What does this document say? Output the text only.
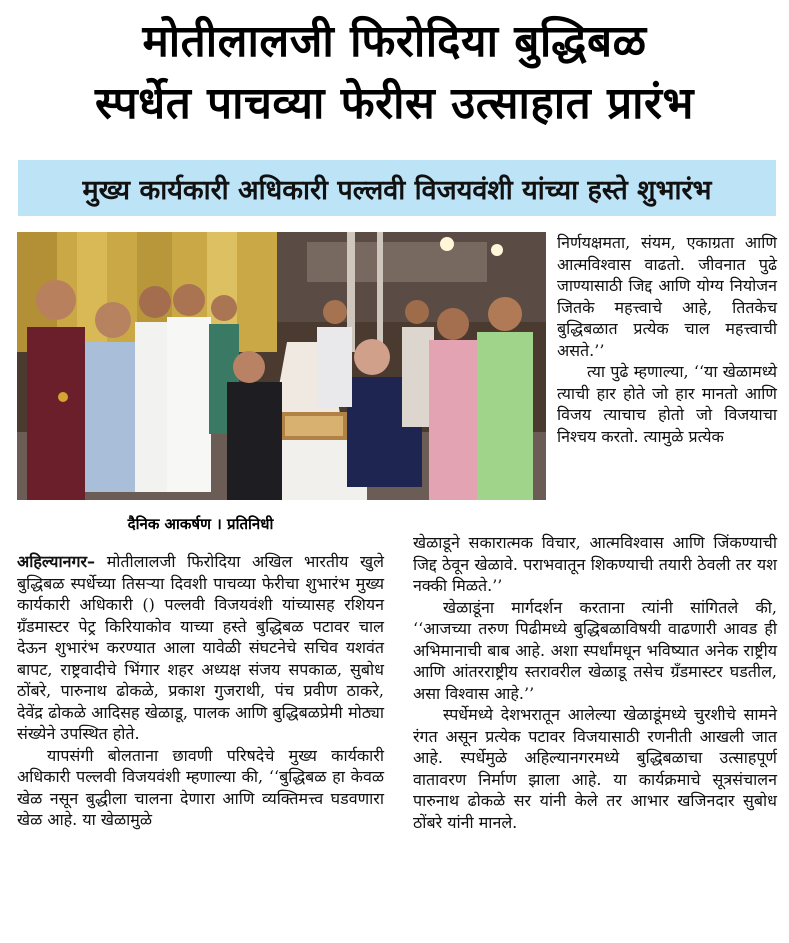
मोतीलालजी फिरोदिया बुद्धिबळ
स्पर्धेत पाचव्या फेरीस उत्साहात प्रारंभ
मुख्य कार्यकारी अधिकारी पल्लवी विजयवंशी यांच्या हस्ते शुभारंभ

निर्णयक्षमता, संयम, एकाग्रता आणि आत्मविश्वास वाढतो. जीवनात पुढे जाण्यासाठी जिद्द आणि योग्य नियोजन जितके महत्त्वाचे आहे, तितकेच बुद्धिबळात प्रत्येक चाल महत्त्वाची असते.’’

त्या पुढे म्हणाल्या, ‘‘या खेळामध्ये त्याची हार होते जो हार मानतो आणि विजय त्याचाच होतो जो विजयाचा निश्चय करतो. त्यामुळे प्रत्येक

दैनिक आकर्षण । प्रतिनिधी

अहिल्यानगर– मोतीलालजी फिरोदिया अखिल भारतीय खुले बुद्धिबळ स्पर्धेच्या तिसऱ्या दिवशी पाचव्या फेरीचा शुभारंभ मुख्य कार्यकारी अधिकारी () पल्लवी विजयवंशी यांच्यासह रशियन ग्रँडमास्टर पेट्र किरियाकोव याच्या हस्ते बुद्धिबळ पटावर चाल देऊन शुभारंभ करण्यात आला यावेळी संघटनेचे सचिव यशवंत बापट, राष्ट्रवादीचे भिंगार शहर अध्यक्ष संजय सपकाळ, सुबोध ठोंबरे, पारुनाथ ढोकळे, प्रकाश गुजराथी, पंच प्रवीण ठाकरे, देवेंद्र ढोकळे आदिसह खेळाडू, पालक आणि बुद्धिबळप्रेमी मोठ्या संख्येने उपस्थित होते.

यापसंगी बोलताना छावणी परिषदेचे मुख्य कार्यकारी अधिकारी पल्लवी विजयवंशी म्हणाल्या की, ‘‘बुद्धिबळ हा केवळ खेळ नसून बुद्धीला चालना देणारा आणि व्यक्तिमत्त्व घडवणारा खेळ आहे. या खेळामुळे

खेळाडूने सकारात्मक विचार, आत्मविश्वास आणि जिंकण्याची जिद्द ठेवून खेळावे. पराभवातून शिकण्याची तयारी ठेवली तर यश नक्की मिळते.’’

खेळाडूंना मार्गदर्शन करताना त्यांनी सांगितले की, ‘‘आजच्या तरुण पिढीमध्ये बुद्धिबळाविषयी वाढणारी आवड ही अभिमानाची बाब आहे. अशा स्पर्धांमधून भविष्यात अनेक राष्ट्रीय आणि आंतरराष्ट्रीय स्तरावरील खेळाडू तसेच ग्रँडमास्टर घडतील, असा विश्वास आहे.’’

स्पर्धेमध्ये देशभरातून आलेल्या खेळाडूंमध्ये चुरशीचे सामने रंगत असून प्रत्येक पटावर विजयासाठी रणनीती आखली जात आहे. स्पर्धेमुळे अहिल्यानगरमध्ये बुद्धिबळाचा उत्साहपूर्ण वातावरण निर्माण झाला आहे. या कार्यक्रमाचे सूत्रसंचालन पारुनाथ ढोकळे सर यांनी केले तर आभार खजिनदार सुबोध ठोंबरे यांनी मानले.
